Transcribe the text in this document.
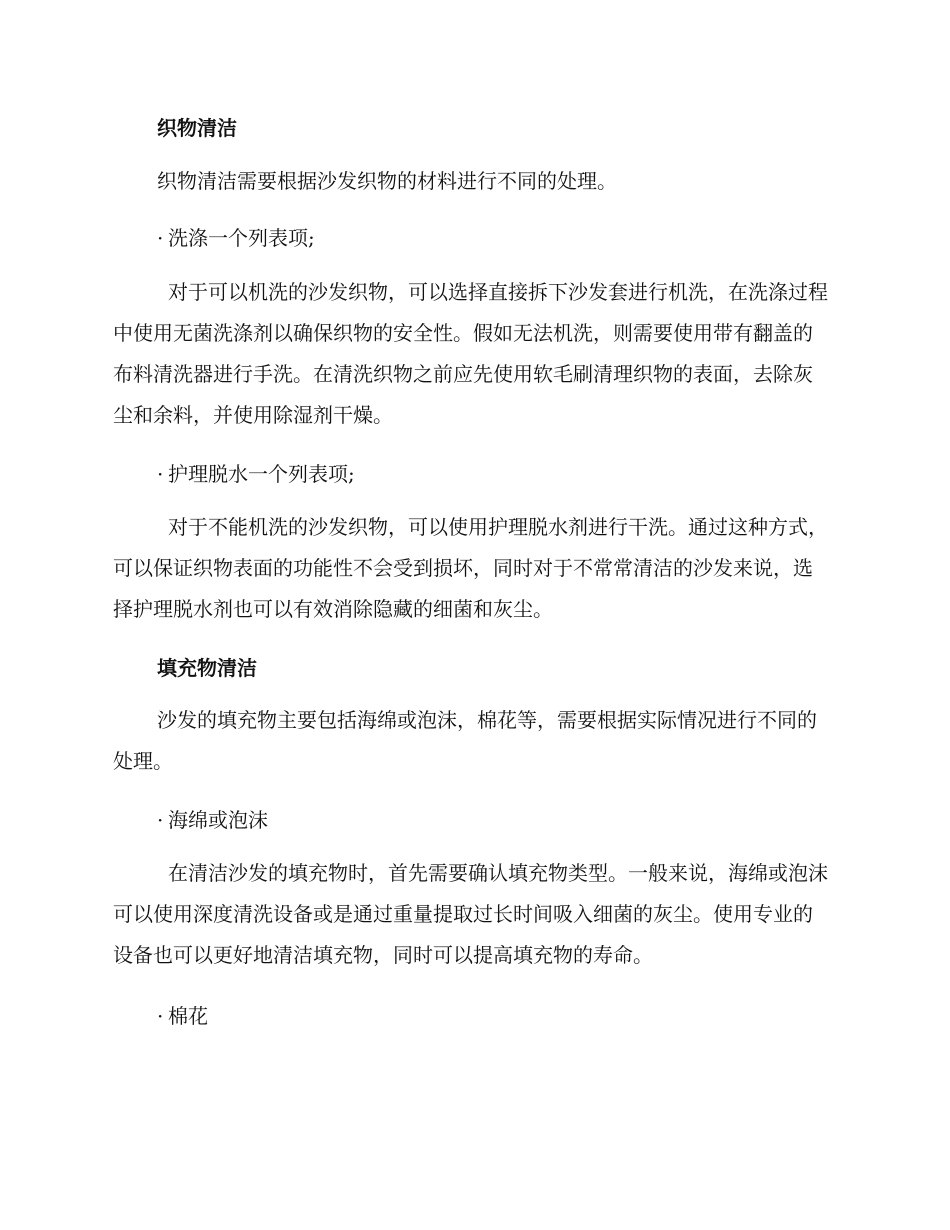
织物清洁

织物清洁需要根据沙发织物的材料进行不同的处理。

· 洗涤一个列表项;

对于可以机洗的沙发织物，可以选择直接拆下沙发套进行机洗，在洗涤过程中使用无菌洗涤剂以确保织物的安全性。假如无法机洗，则需要使用带有翻盖的布料清洗器进行手洗。在清洗织物之前应先使用软毛刷清理织物的表面，去除灰尘和余料，并使用除湿剂干燥。

· 护理脱水一个列表项;

对于不能机洗的沙发织物，可以使用护理脱水剂进行干洗。通过这种方式，可以保证织物表面的功能性不会受到损坏，同时对于不常常清洁的沙发来说，选择护理脱水剂也可以有效消除隐藏的细菌和灰尘。

填充物清洁

沙发的填充物主要包括海绵或泡沫，棉花等，需要根据实际情况进行不同的处理。

· 海绵或泡沫

在清洁沙发的填充物时，首先需要确认填充物类型。一般来说，海绵或泡沫可以使用深度清洗设备或是通过重量提取过长时间吸入细菌的灰尘。使用专业的设备也可以更好地清洁填充物，同时可以提高填充物的寿命。

· 棉花
